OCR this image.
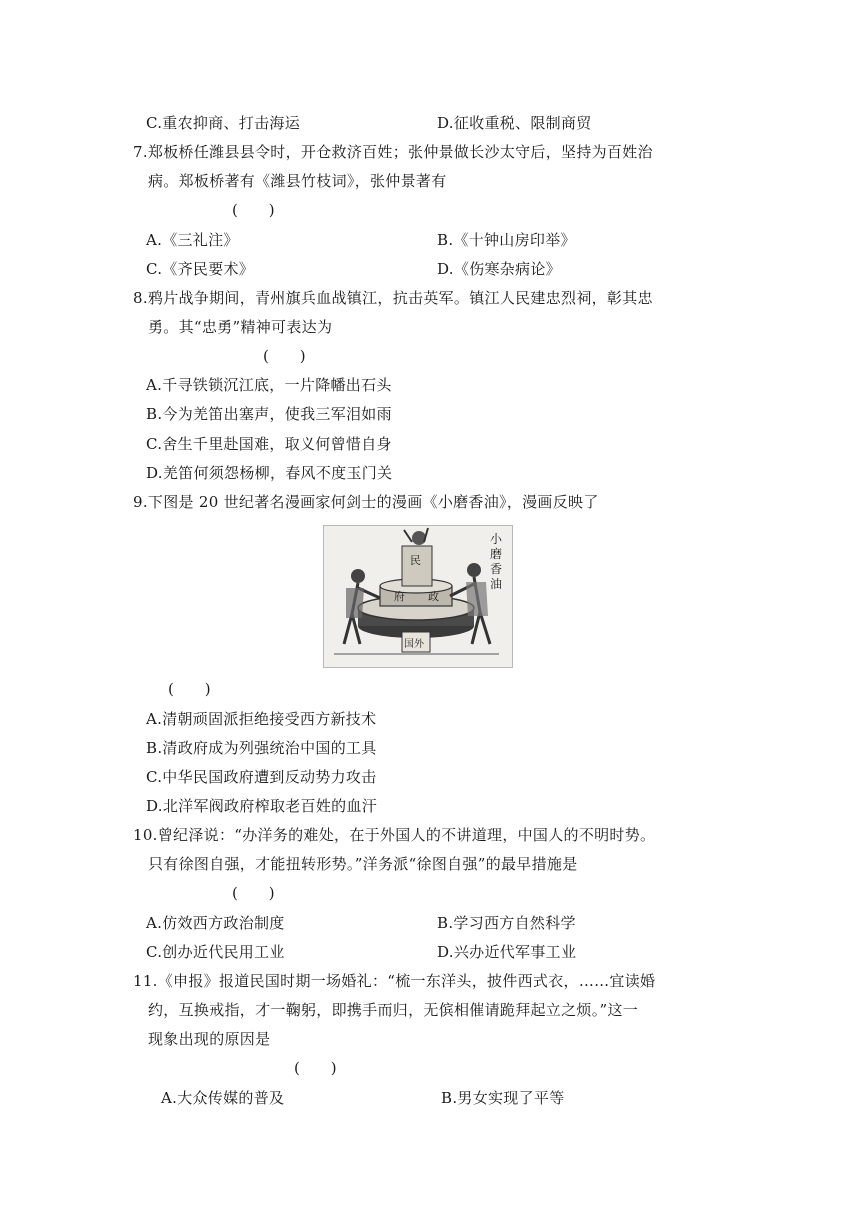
C.重农抑商、打击海运	D.征收重税、限制商贸
7.郑板桥任潍县县令时，开仓救济百姓；张仲景做长沙太守后，坚持为百姓治
病。郑板桥著有《潍县竹枝词》，张仲景著有
(　　)
A.《三礼注》	B.《十钟山房印举》
C.《齐民要术》	D.《伤寒杂病论》
8.鸦片战争期间，青州旗兵血战镇江，抗击英军。镇江人民建忠烈祠，彰其忠
勇。其“忠勇”精神可表达为
(　　)
A.千寻铁锁沉江底，一片降幡出石头
B.今为羌笛出塞声，使我三军泪如雨
C.舍生千里赴国难，取义何曾惜自身
D.羌笛何须怨杨柳，春风不度玉门关
9.下图是 20 世纪著名漫画家何剑士的漫画《小磨香油》，漫画反映了
民
府 政
国外
小磨香油
(　　)
A.清朝顽固派拒绝接受西方新技术
B.清政府成为列强统治中国的工具
C.中华民国政府遭到反动势力攻击
D.北洋军阀政府榨取老百姓的血汗
10.曾纪泽说：“办洋务的难处，在于外国人的不讲道理，中国人的不明时势。
只有徐图自强，才能扭转形势。”洋务派“徐图自强”的最早措施是
(　　)
A.仿效西方政治制度	B.学习西方自然科学
C.创办近代民用工业	D.兴办近代军事工业
11.《申报》报道民国时期一场婚礼：“梳一东洋头，披件西式衣，……宜读婚
约，互换戒指，才一鞠躬，即携手而归，无傧相催请跪拜起立之烦。”这一
现象出现的原因是
(　　)
A.大众传媒的普及	B.男女实现了平等
